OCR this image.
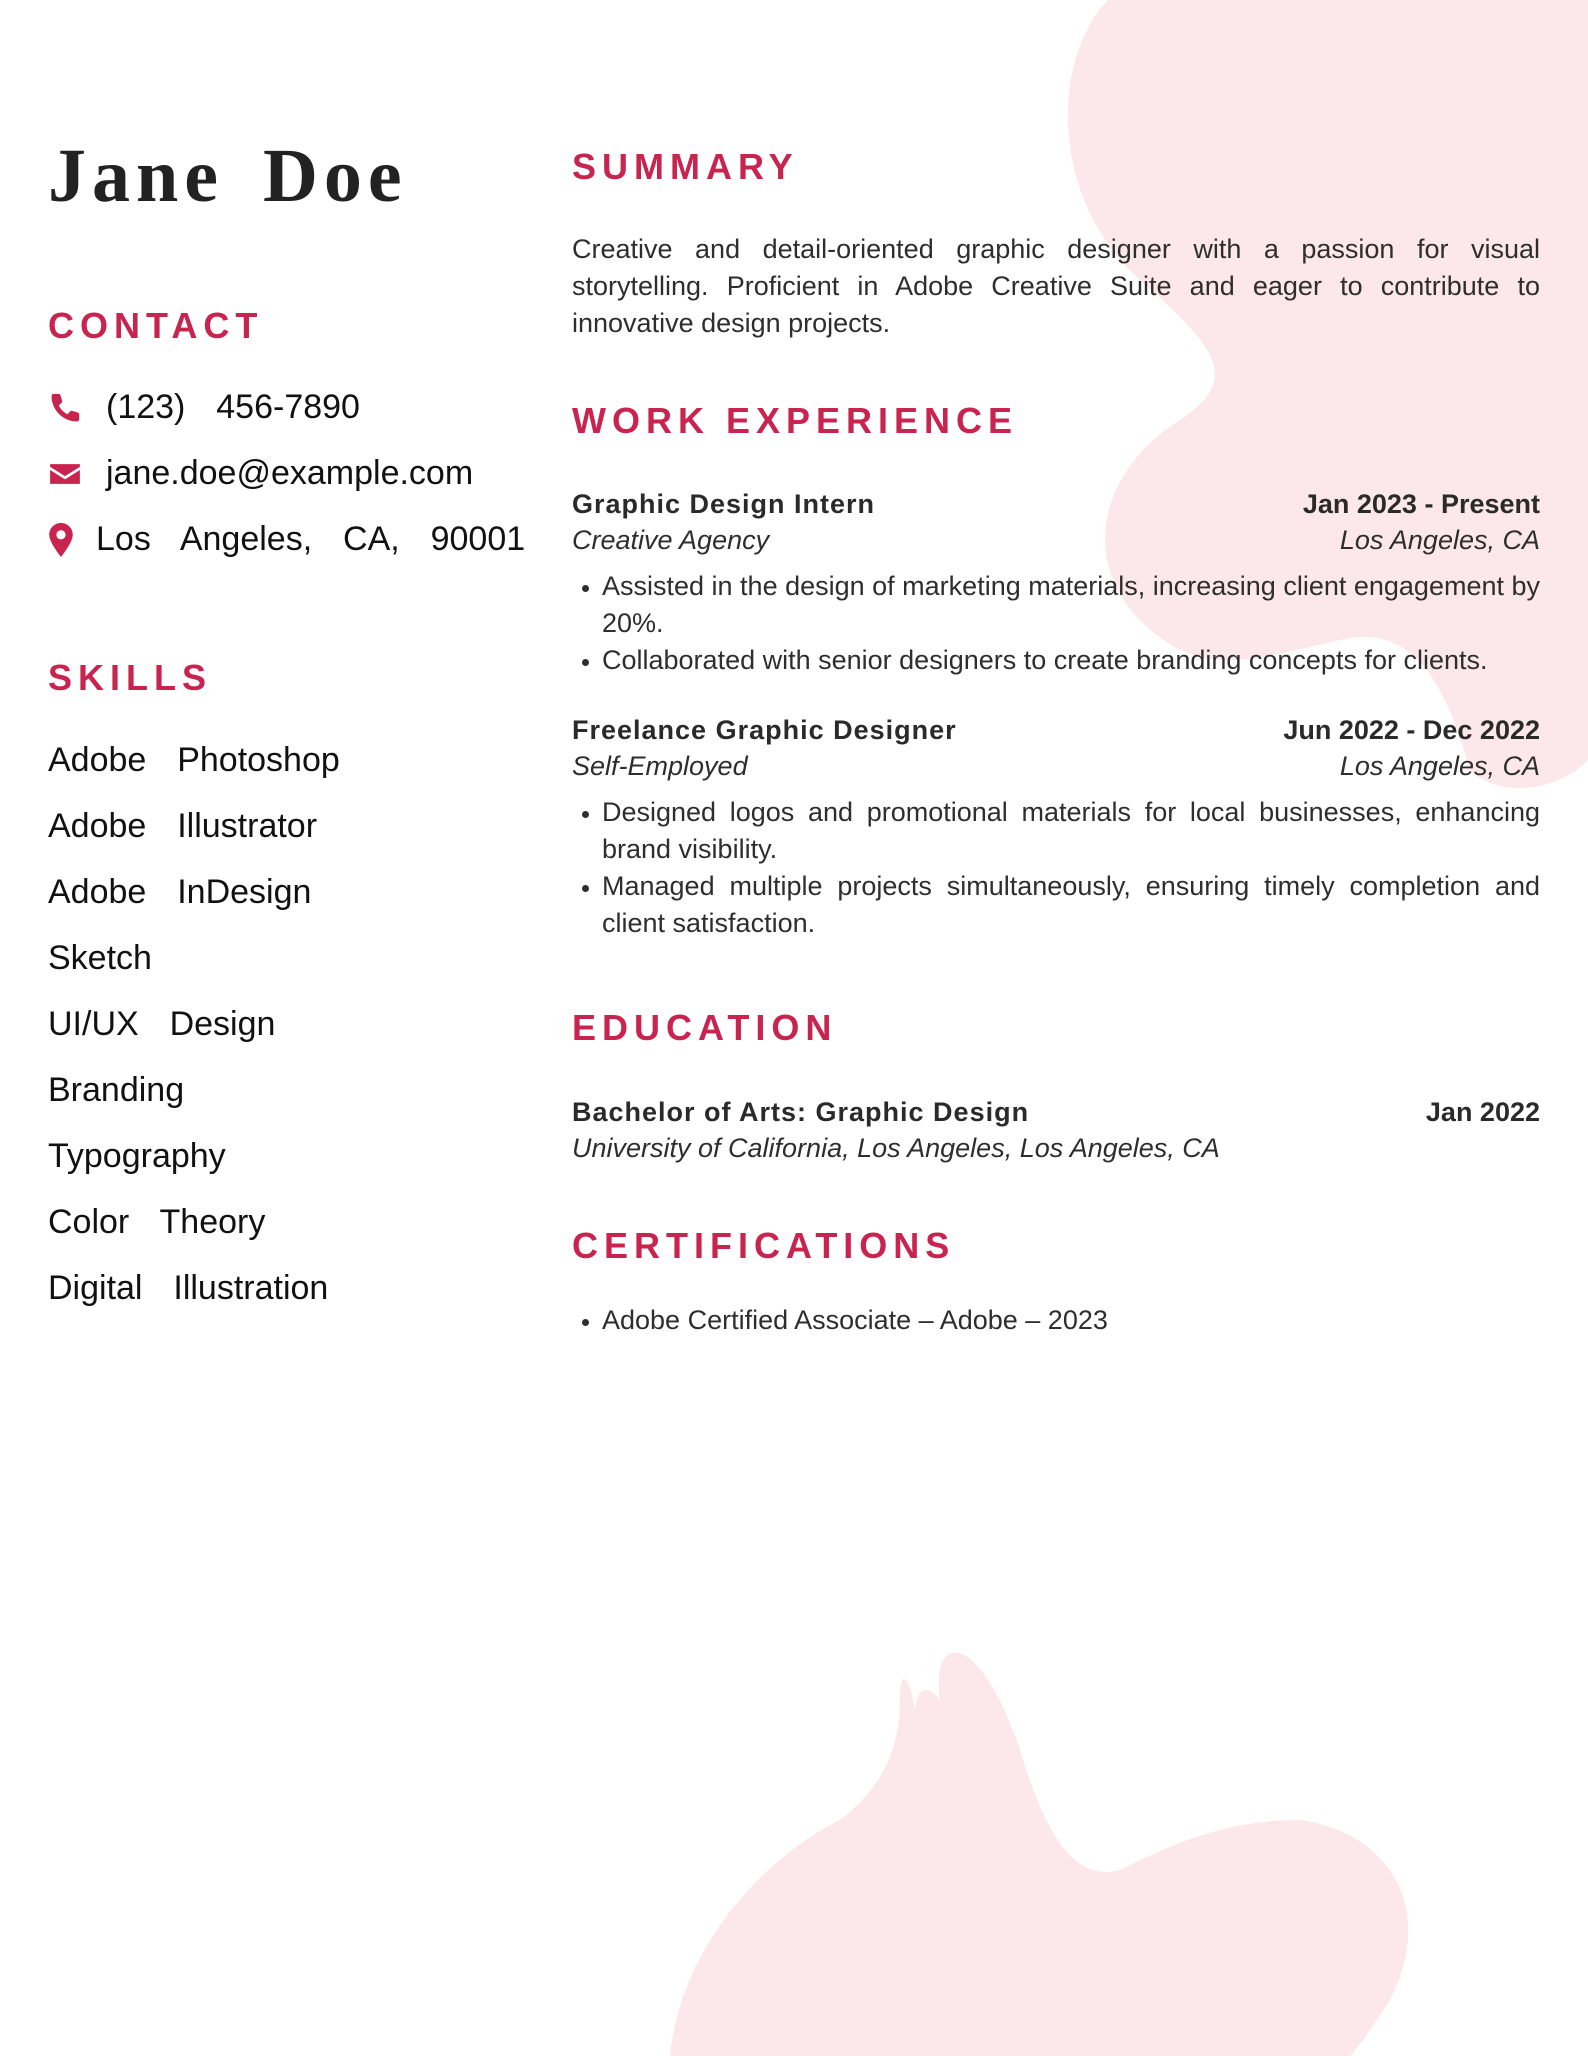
Jane Doe
CONTACT
(123)  456-7890
jane.doe@example.com
Los  Angeles,  CA,  90001
SKILLS
Adobe  Photoshop
Adobe  Illustrator
Adobe  InDesign
Sketch
UI/UX  Design
Branding
Typography
Color  Theory
Digital  Illustration
SUMMARY

Creative and detail-oriented graphic designer with a passion for visual storytelling. Proficient in Adobe Creative Suite and eager to contribute to innovative design projects.

WORK EXPERIENCE
Graphic Design Intern	Jan 2023 - Present
Creative Agency	Los Angeles, CA
• Assisted in the design of marketing materials, increasing client engagement by 20%.
• Collaborated with senior designers to create branding concepts for clients.
Freelance Graphic Designer	Jun 2022 - Dec 2022
Self-Employed	Los Angeles, CA
• Designed logos and promotional materials for local businesses, enhancing brand visibility.
• Managed multiple projects simultaneously, ensuring timely completion and client satisfaction.
EDUCATION
Bachelor of Arts: Graphic Design	Jan 2022
University of California, Los Angeles, Los Angeles, CA
CERTIFICATIONS
• Adobe Certified Associate – Adobe – 2023
